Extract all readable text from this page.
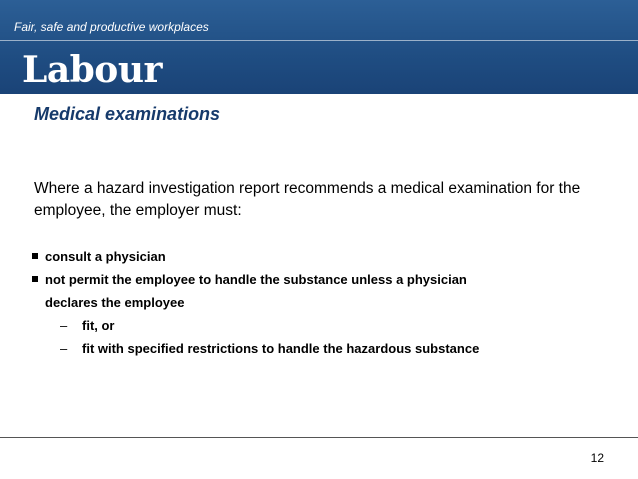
Fair, safe and productive workplaces
Labour
Medical examinations
Where a hazard investigation report recommends a medical examination for the employee, the employer must:
consult a physician
not permit the employee to handle the substance unless a physician
declares the employee
– fit, or
– fit with specified restrictions to handle the hazardous substance
12
